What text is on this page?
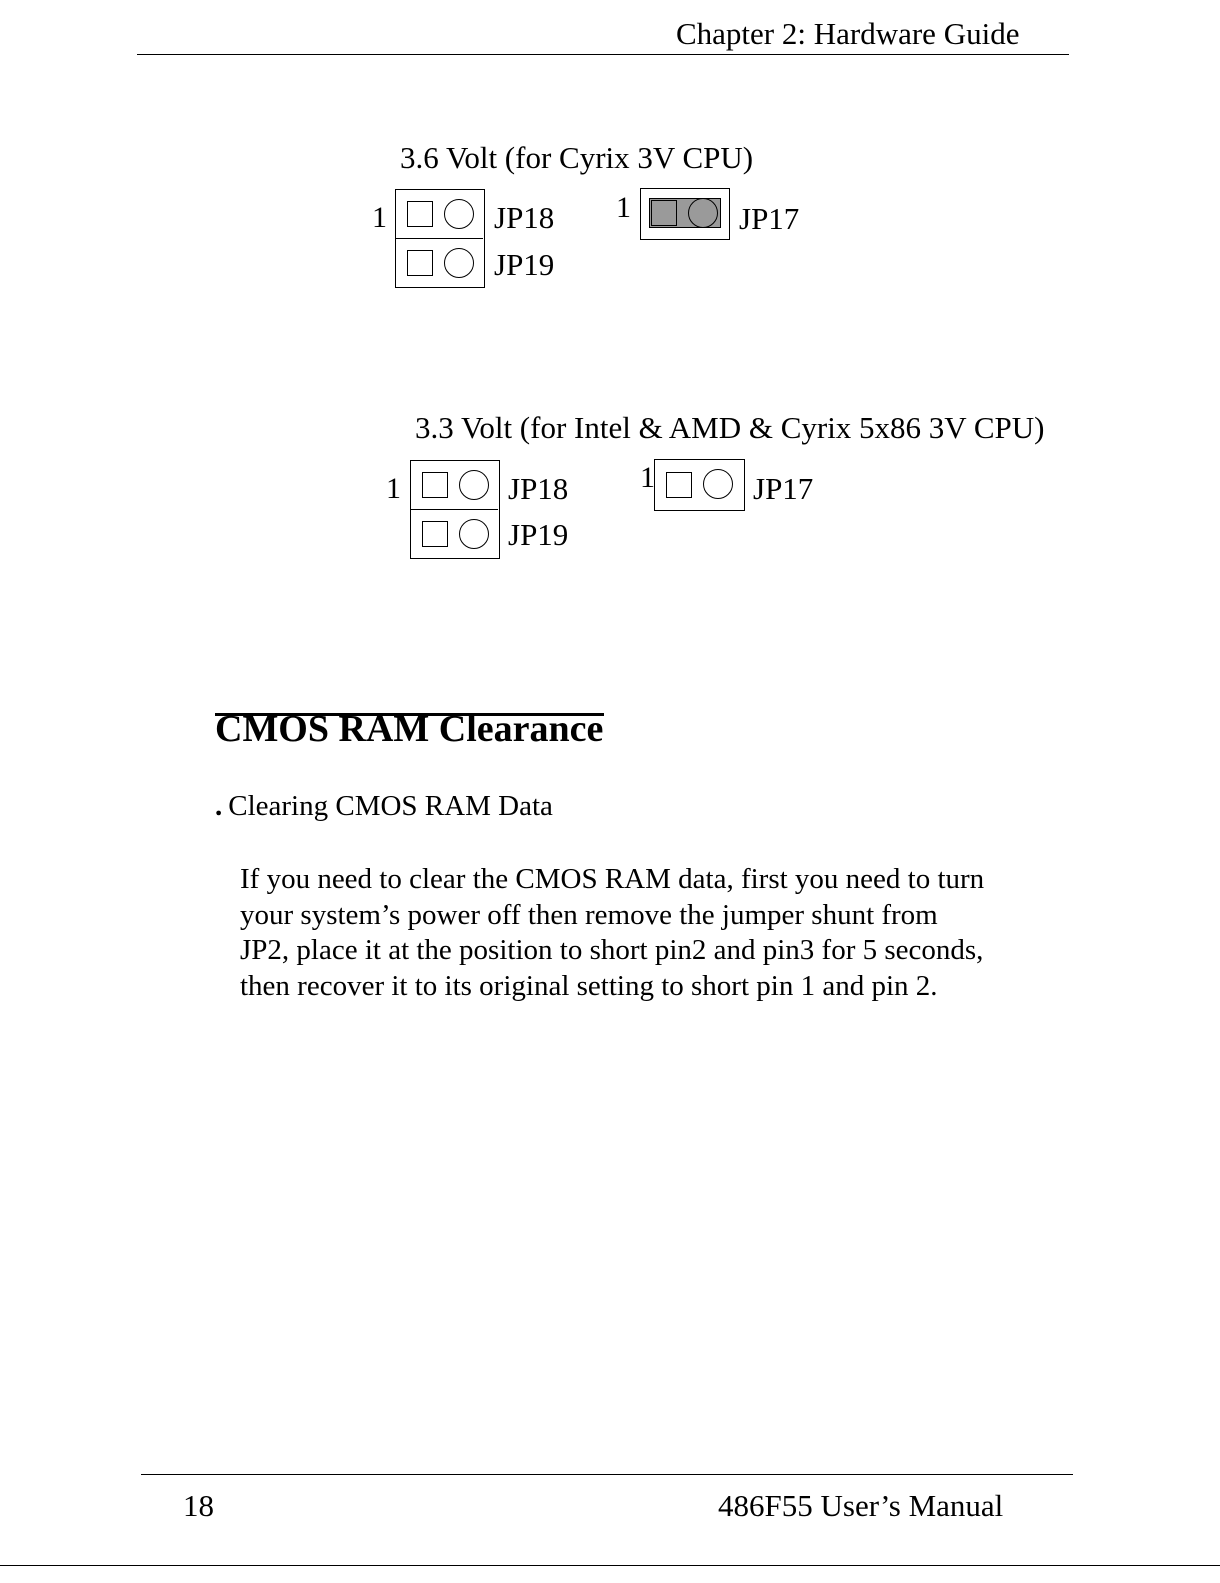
Chapter 2: Hardware Guide
3.6 Volt (for Cyrix 3V CPU)
1	JP18
JP19
1	JP17
3.3 Volt (for Intel & AMD & Cyrix 5x86 3V CPU)
1	JP18
JP19
1	JP17
CMOS RAM Clearance
. Clearing CMOS RAM Data

If you need to clear the CMOS RAM data, first you need to turn

your system’s power off then remove the jumper shunt from

JP2, place it at the position to short pin2 and pin3 for 5 seconds,

then recover it to its original setting to short pin 1 and pin 2.

18	486F55 User’s Manual
